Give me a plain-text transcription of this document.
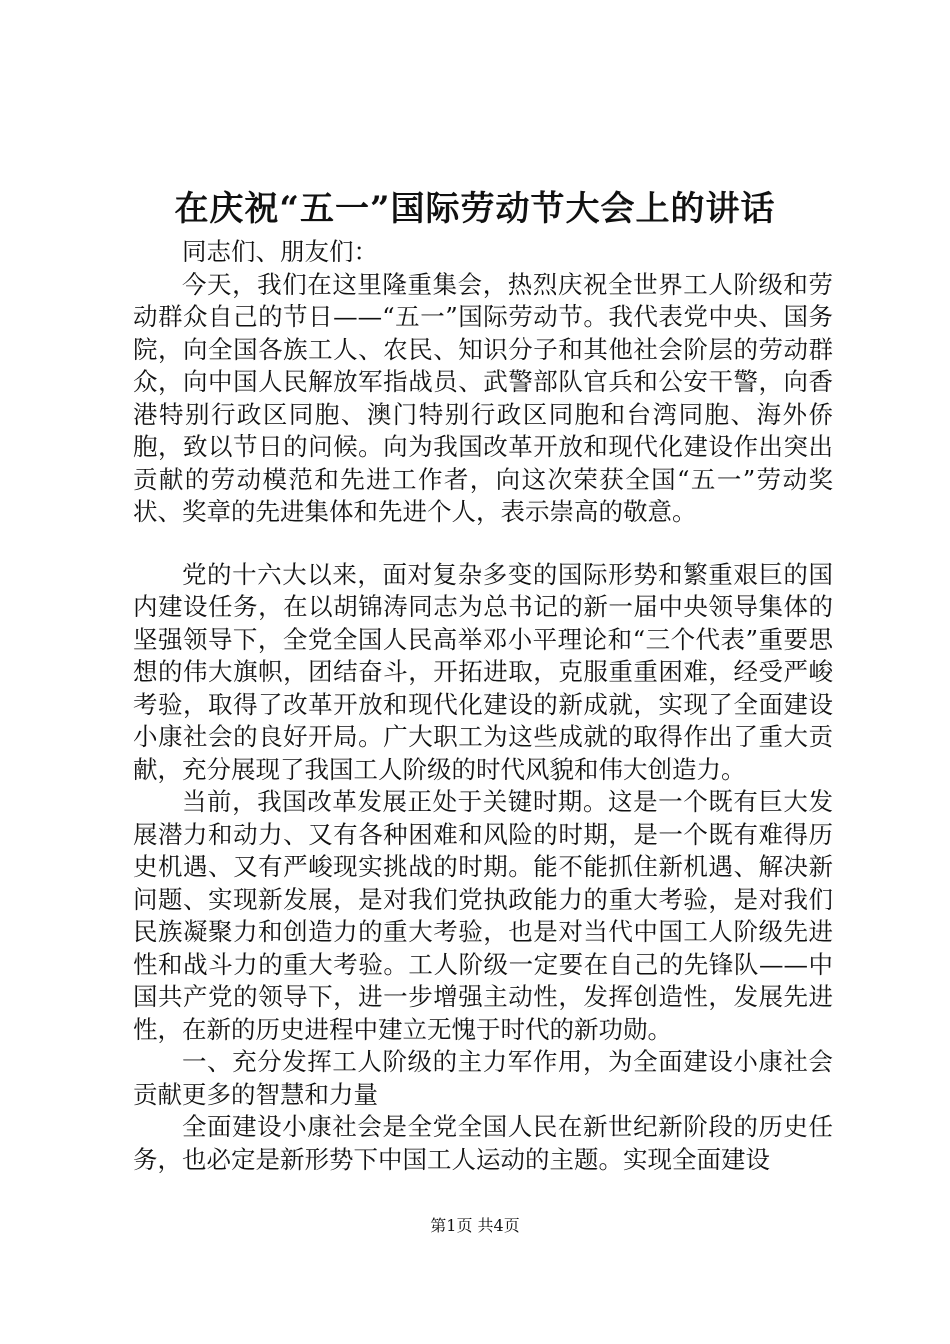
在庆祝“五一”国际劳动节大会上的讲话

同志们、朋友们：

今天，我们在这里隆重集会，热烈庆祝全世界工人阶级和劳动群众自己的节日——“五一”国际劳动节。我代表党中央、国务院，向全国各族工人、农民、知识分子和其他社会阶层的劳动群众，向中国人民解放军指战员、武警部队官兵和公安干警，向香港特别行政区同胞、澳门特别行政区同胞和台湾同胞、海外侨胞，致以节日的问候。向为我国改革开放和现代化建设作出突出贡献的劳动模范和先进工作者，向这次荣获全国“五一”劳动奖状、奖章的先进集体和先进个人，表示崇高的敬意。

党的十六大以来，面对复杂多变的国际形势和繁重艰巨的国内建设任务，在以胡锦涛同志为总书记的新一届中央领导集体的坚强领导下，全党全国人民高举邓小平理论和“三个代表”重要思想的伟大旗帜，团结奋斗，开拓进取，克服重重困难，经受严峻考验，取得了改革开放和现代化建设的新成就，实现了全面建设小康社会的良好开局。广大职工为这些成就的取得作出了重大贡献，充分展现了我国工人阶级的时代风貌和伟大创造力。

当前，我国改革发展正处于关键时期。这是一个既有巨大发展潜力和动力、又有各种困难和风险的时期，是一个既有难得历史机遇、又有严峻现实挑战的时期。能不能抓住新机遇、解决新问题、实现新发展，是对我们党执政能力的重大考验，是对我们民族凝聚力和创造力的重大考验，也是对当代中国工人阶级先进性和战斗力的重大考验。工人阶级一定要在自己的先锋队——中国共产党的领导下，进一步增强主动性，发挥创造性，发展先进性，在新的历史进程中建立无愧于时代的新功勋。

一、充分发挥工人阶级的主力军作用，为全面建设小康社会贡献更多的智慧和力量

全面建设小康社会是全党全国人民在新世纪新阶段的历史任务，也必定是新形势下中国工人运动的主题。实现全面建设

第1页 共4页
